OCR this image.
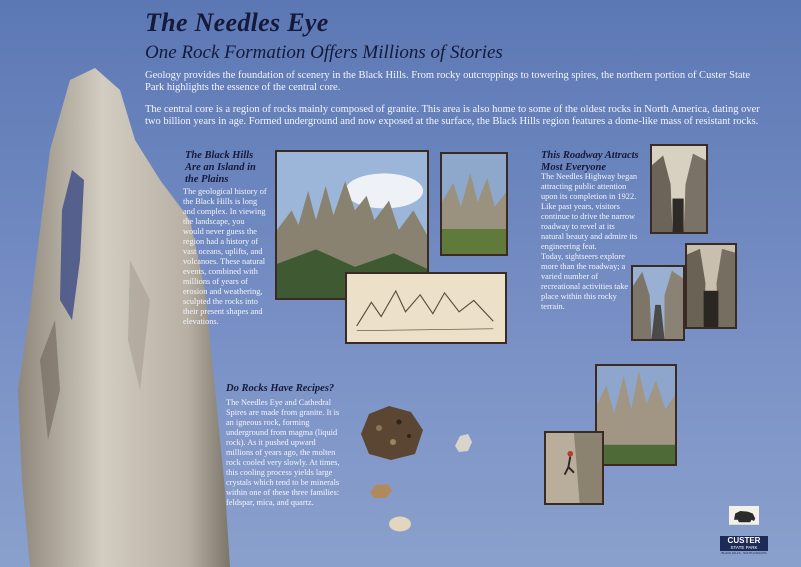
The Needles Eye
One Rock Formation Offers Millions of Stories
Geology provides the foundation of scenery in the Black Hills. From rocky outcroppings to towering spires, the northern portion of Custer State Park highlights the essence of the central core.
The central core is a region of rocks mainly composed of granite. This area is also home to some of the oldest rocks in North America, dating over two billion years in age. Formed underground and now exposed at the surface, the Black Hills region features a dome-like mass of resistant rocks.
The Black Hills Are an Island in the Plains
The geological history of the Black Hills is long and complex. In viewing the landscape, you would never guess the region had a history of vast oceans, uplifts, and volcanoes. These natural events, combined with millions of years of erosion and weathering, sculpted the rocks into their present shapes and elevations.
This Roadway Attracts Most Everyone
The Needles Highway began attracting public attention upon its completion in 1922. Like past years, visitors continue to drive the narrow roadway to revel at its natural beauty and admire its engineering feat.
Today, sightseers explore more than the roadway; a varied number of recreational activities take place within this rocky terrain.
Do Rocks Have Recipes?
The Needles Eye and Cathedral Spires are made from granite. It is an igneous rock, forming underground from magma (liquid rock). As it pushed upward millions of years ago, the molten rock cooled very slowly. At times, this cooling process yields large crystals which tend to be minerals within one of these three families: feldspar, mica, and quartz.
CUSTER
STATE PARK
BLACK HILLS · SOUTH DAKOTA
